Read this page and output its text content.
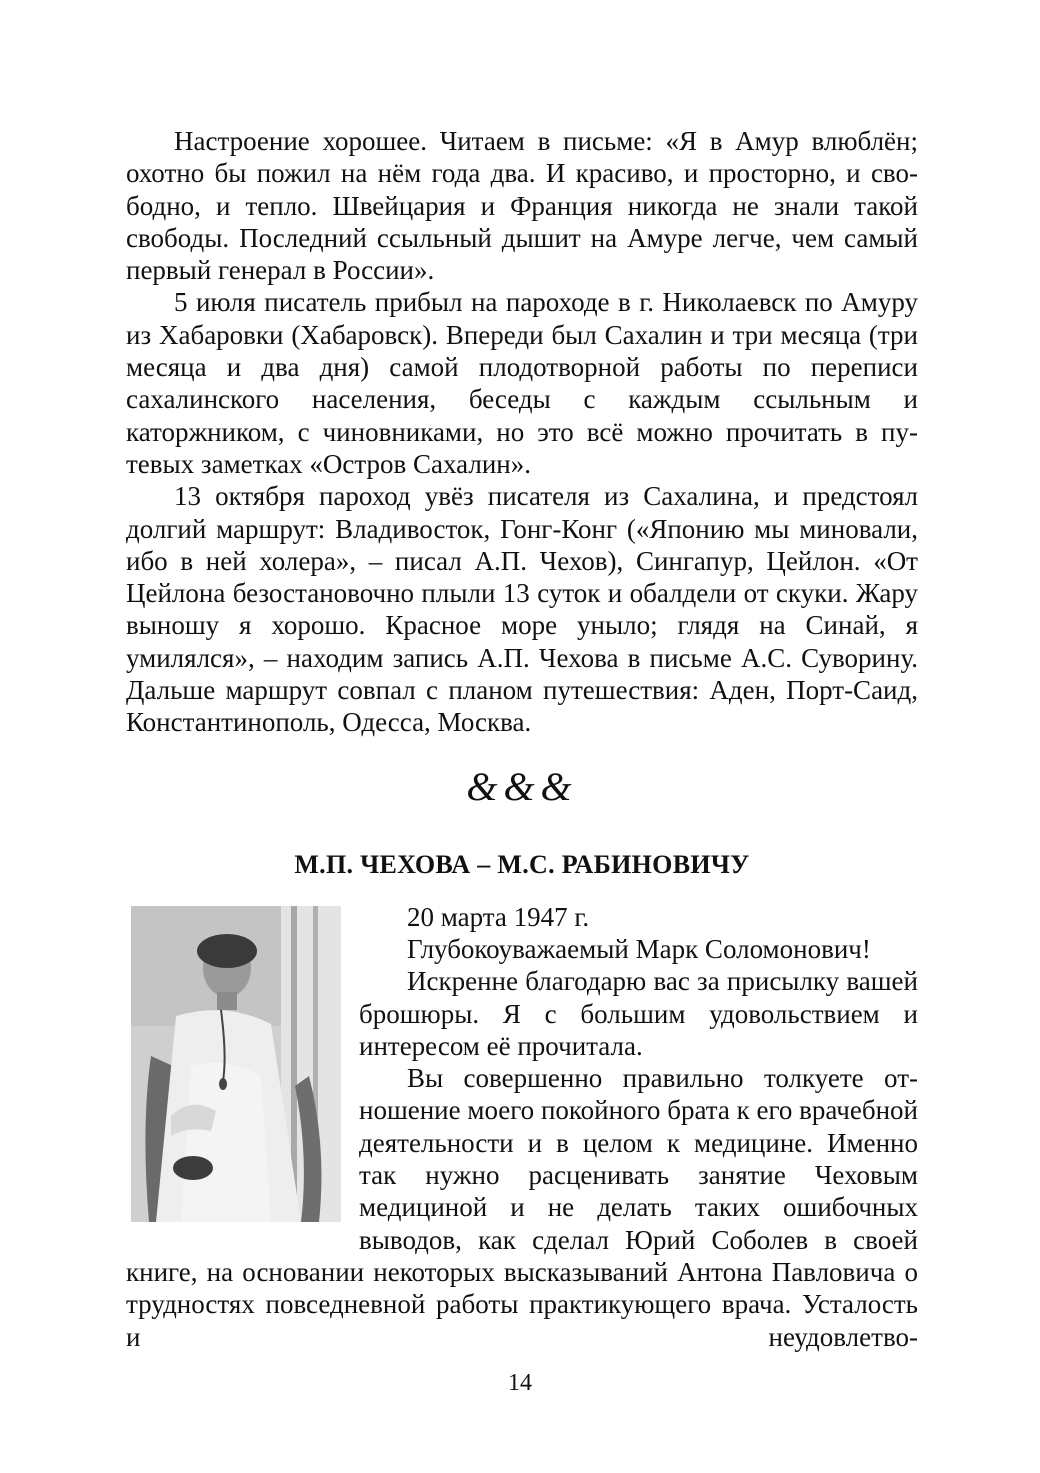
Настроение хорошее. Читаем в письме: «Я в Амур влюблён; охотно бы пожил на нём года два. И красиво, и просторно, и свободно, и тепло. Швейцария и Франция никогда не знали такой свободы. Последний ссыльный дышит на Амуре легче, чем самый первый генерал в России».

5 июля писатель прибыл на пароходе в г. Николаевск по Амуру из Хабаровки (Хабаровск). Впереди был Сахалин и три месяца (три месяца и два дня) самой плодотворной работы по переписи сахалинского населения, беседы с каждым ссыльным и каторжником, с чиновниками, но это всё можно прочитать в путевых заметках «Остров Сахалин».

13 октября пароход увёз писателя из Сахалина, и предстоял долгий маршрут: Владивосток, Гонг-Конг («Японию мы миновали, ибо в ней холера», – писал А.П. Чехов), Сингапур, Цейлон. «От Цейлона безостановочно плыли 13 суток и обалдели от скуки. Жару выношу я хорошо. Красное море уныло; глядя на Синай, я умилялся», – находим запись А.П. Чехова в письме А.С. Суворину. Дальше маршрут совпал с планом путешествия: Аден, Порт-Саид, Константинополь, Одесса, Москва.

&&&
М.П. ЧЕХОВА – М.С. РАБИНОВИЧУ

20 марта 1947 г.

Глубокоуважаемый Марк Соломонович!

Искренне благодарю вас за присылку вашей брошюры. Я с большим удовольствием и интересом её прочитала.

Вы совершенно правильно толкуете отношение моего покойного брата к его врачебной деятельности и в целом к медицине. Именно так нужно расценивать занятие Чеховым медициной и не делать таких ошибочных выводов, как сделал Юрий Соболев в своей книге, на основании некоторых высказываний Антона Павловича о трудностях повседневной работы практикующего врача. Усталость и неудовлетво-

14
